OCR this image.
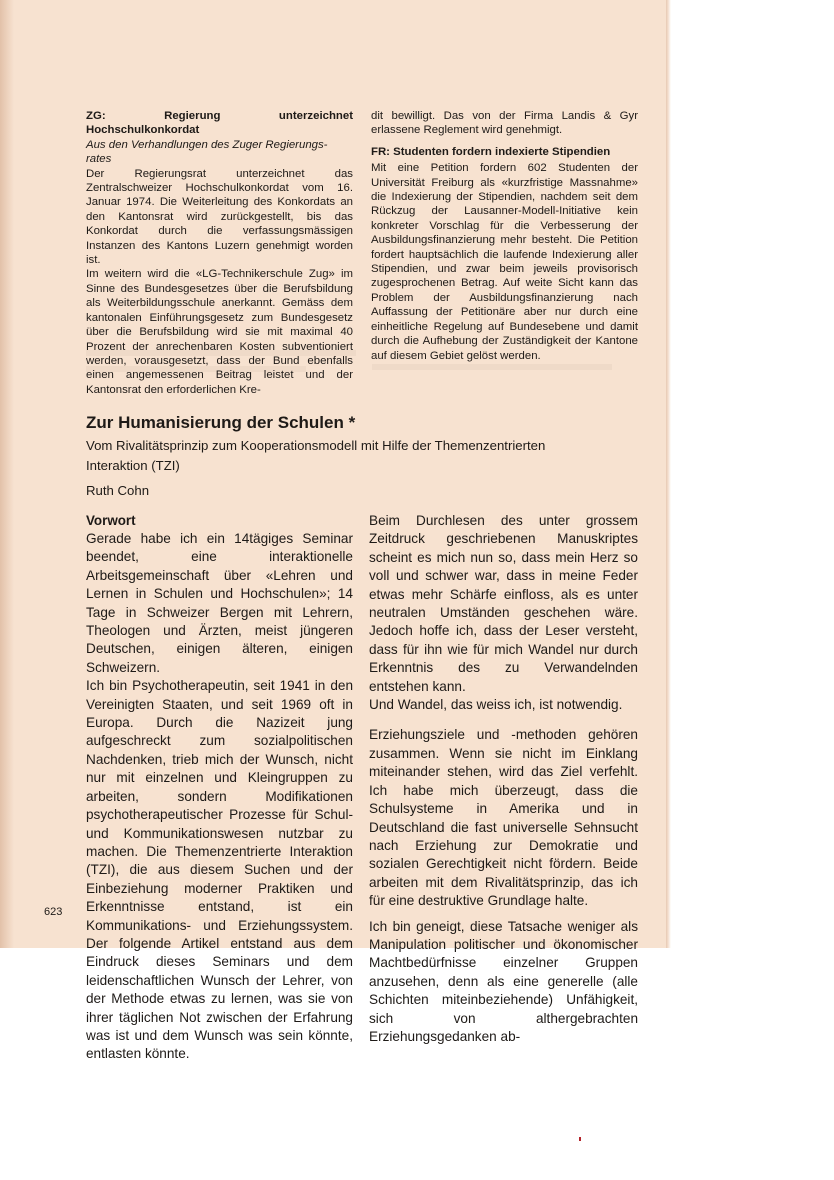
ZG: Regierung unterzeichnet Hochschulkonkordat
Aus den Verhandlungen des Zuger Regierungs-
rates

Der Regierungsrat unterzeichnet das Zentralschweizer Hochschulkonkordat vom 16. Januar 1974. Die Weiterleitung des Konkordats an den Kantonsrat wird zurückgestellt, bis das Konkordat durch die verfassungsmässigen Instanzen des Kantons Luzern genehmigt worden ist.

Im weitern wird die «LG-Technikerschule Zug» im Sinne des Bundesgesetzes über die Berufsbildung als Weiterbildungsschule anerkannt. Gemäss dem kantonalen Einführungsgesetz zum Bundesgesetz über die Berufsbildung wird sie mit maximal 40 Prozent der anrechenbaren Kosten subventioniert werden, vorausgesetzt, dass der Bund ebenfalls einen angemessenen Beitrag leistet und der Kantonsrat den erforderlichen Kre-

dit bewilligt. Das von der Firma Landis & Gyr erlassene Reglement wird genehmigt.

FR: Studenten fordern indexierte Stipendien

Mit eine Petition fordern 602 Studenten der Universität Freiburg als «kurzfristige Massnahme» die Indexierung der Stipendien, nachdem seit dem Rückzug der Lausanner-Modell-Initiative kein konkreter Vorschlag für die Verbesserung der Ausbildungsfinanzierung mehr besteht. Die Petition fordert hauptsächlich die laufende Indexierung aller Stipendien, und zwar beim jeweils provisorisch zugesprochenen Betrag. Auf weite Sicht kann das Problem der Ausbildungsfinanzierung nach Auffassung der Petitionäre aber nur durch eine einheitliche Regelung auf Bundesebene und damit durch die Aufhebung der Zuständigkeit der Kantone auf diesem Gebiet gelöst werden.

Zur Humanisierung der Schulen *
Vom Rivalitätsprinzip zum Kooperationsmodell mit Hilfe der Themenzentrierten
Interaktion (TZI)
Ruth Cohn
Vorwort

Gerade habe ich ein 14tägiges Seminar beendet, eine interaktionelle Arbeitsgemeinschaft über «Lehren und Lernen in Schulen und Hochschulen»; 14 Tage in Schweizer Bergen mit Lehrern, Theologen und Ärzten, meist jüngeren Deutschen, einigen älteren, einigen Schweizern.

Ich bin Psychotherapeutin, seit 1941 in den Vereinigten Staaten, und seit 1969 oft in Europa. Durch die Nazizeit jung aufgeschreckt zum sozialpolitischen Nachdenken, trieb mich der Wunsch, nicht nur mit einzelnen und Kleingruppen zu arbeiten, sondern Modifikationen psychotherapeutischer Prozesse für Schul- und Kommunikationswesen nutzbar zu machen. Die Themenzentrierte Interaktion (TZI), die aus diesem Suchen und der Einbeziehung moderner Praktiken und Erkenntnisse entstand, ist ein Kommunikations- und Erziehungssystem. Der folgende Artikel entstand aus dem Eindruck dieses Seminars und dem leidenschaftlichen Wunsch der Lehrer, von der Methode etwas zu lernen, was sie von ihrer täglichen Not zwischen der Erfahrung was ist und dem Wunsch was sein könnte, entlasten könnte.

Beim Durchlesen des unter grossem Zeitdruck geschriebenen Manuskriptes scheint es mich nun so, dass mein Herz so voll und schwer war, dass in meine Feder etwas mehr Schärfe einfloss, als es unter neutralen Umständen geschehen wäre. Jedoch hoffe ich, dass der Leser versteht, dass für ihn wie für mich Wandel nur durch Erkenntnis des zu Verwandelnden entstehen kann.

Und Wandel, das weiss ich, ist notwendig.

Erziehungsziele und -methoden gehören zusammen. Wenn sie nicht im Einklang miteinander stehen, wird das Ziel verfehlt. Ich habe mich überzeugt, dass die Schulsysteme in Amerika und in Deutschland die fast universelle Sehnsucht nach Erziehung zur Demokratie und sozialen Gerechtigkeit nicht fördern. Beide arbeiten mit dem Rivalitätsprinzip, das ich für eine destruktive Grundlage halte.

Ich bin geneigt, diese Tatsache weniger als Manipulation politischer und ökonomischer Machtbedürfnisse einzelner Gruppen anzusehen, denn als eine generelle (alle Schichten miteinbeziehende) Unfähigkeit, sich von althergebrachten Erziehungsgedanken ab-

623
